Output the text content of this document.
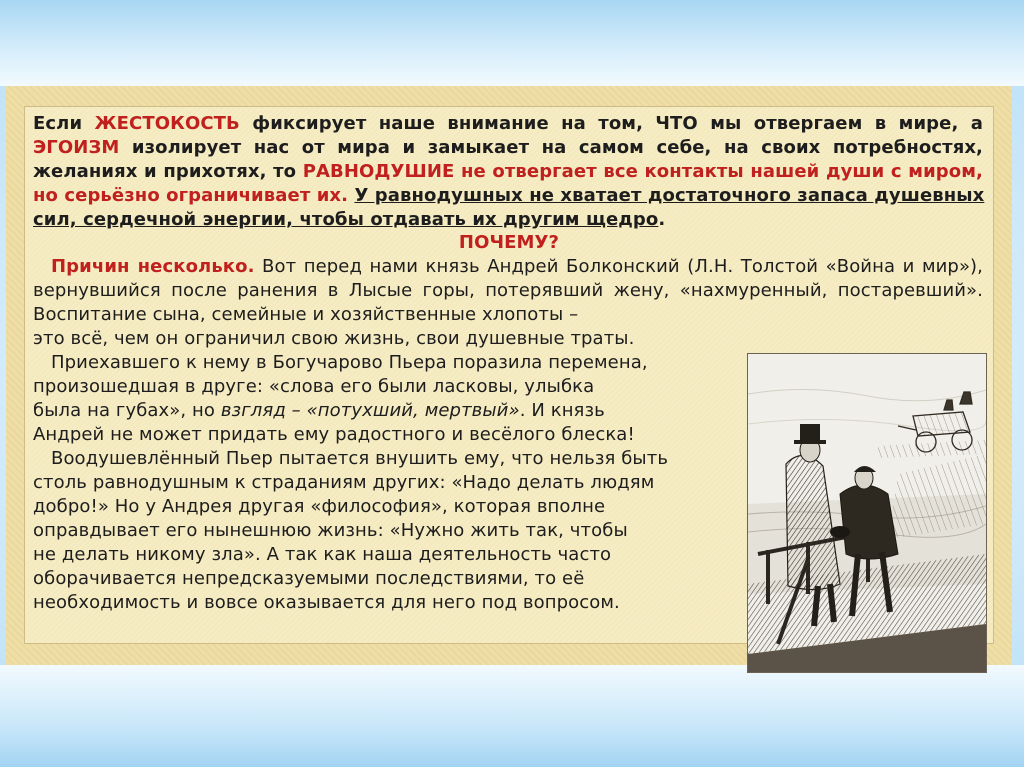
Если ЖЕСТОКОСТЬ фиксирует наше внимание на том, ЧТО мы отвергаем в мире, а
ЭГОИЗМ изолирует нас от мира и замыкает на самом себе, на своих потребностях,
желаниях и прихотях, то РАВНОДУШИЕ не отвергает все контакты нашей души с миром,
но серьёзно ограничивает их. У равнодушных не хватает достаточного запаса душевных
сил, сердечной энергии, чтобы отдавать их другим щедро.
ПОЧЕМУ?
Причин несколько. Вот перед нами князь Андрей Болконский (Л.Н. Толстой «Война и мир»),
вернувшийся после ранения в Лысые горы, потерявший жену, «нахмуренный, постаревший».
Воспитание сына, семейные и хозяйственные хлопоты –
это всё, чем он ограничил свою жизнь, свои душевные траты.
Приехавшего к нему в Богучарово Пьера поразила перемена,
произошедшая в друге: «слова его были ласковы, улыбка
была на губах», но взгляд – «потухший, мертвый». И князь
Андрей не может придать ему радостного и весёлого блеска!
Воодушевлённый Пьер пытается внушить ему, что нельзя быть
столь равнодушным к страданиям других: «Надо делать людям
добро!» Но у Андрея другая «философия», которая вполне
оправдывает его нынешнюю жизнь: «Нужно жить так, чтобы
не делать никому зла». А так как наша деятельность часто
оборачивается непредсказуемыми последствиями, то её
необходимость и вовсе оказывается для него под вопросом.
